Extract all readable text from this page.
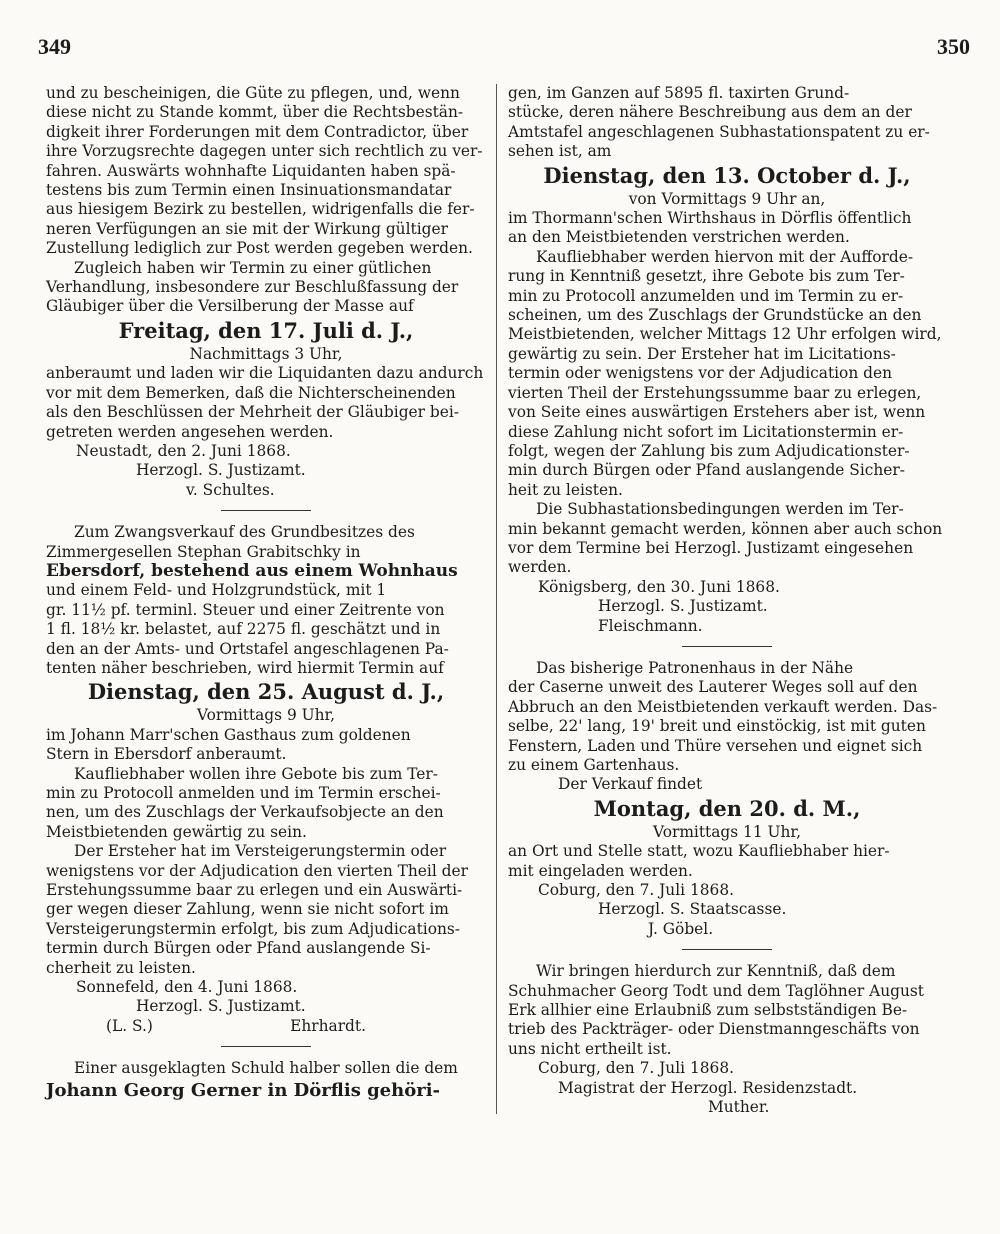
349	350

und zu bescheinigen, die Güte zu pflegen, und, wenn

diese nicht zu Stande kommt, über die Rechtsbestän-

digkeit ihrer Forderungen mit dem Contradictor, über

ihre Vorzugsrechte dagegen unter sich rechtlich zu ver-

fahren. Auswärts wohnhafte Liquidanten haben spä-

testens bis zum Termin einen Insinuationsmandatar

aus hiesigem Bezirk zu bestellen, widrigenfalls die fer-

neren Verfügungen an sie mit der Wirkung gültiger

Zustellung lediglich zur Post werden gegeben werden.

Zugleich haben wir Termin zu einer gütlichen

Verhandlung, insbesondere zur Beschlußfassung der

Gläubiger über die Versilberung der Masse auf

Freitag, den 17. Juli d. J.,

Nachmittags 3 Uhr,

anberaumt und laden wir die Liquidanten dazu andurch

vor mit dem Bemerken, daß die Nichterscheinenden

als den Beschlüssen der Mehrheit der Gläubiger bei-

getreten werden angesehen werden.

Neustadt, den 2. Juni 1868.

Herzogl. S. Justizamt.

v. Schultes.

Zum Zwangsverkauf des Grundbesitzes des

Zimmergesellen Stephan Grabitschky in

Ebersdorf, bestehend aus einem Wohnhaus

und einem Feld- und Holzgrundstück, mit 1

gr. 11½ pf. terminl. Steuer und einer Zeitrente von

1 fl. 18½ kr. belastet, auf 2275 fl. geschätzt und in

den an der Amts- und Ortstafel angeschlagenen Pa-

tenten näher beschrieben, wird hiermit Termin auf

Dienstag, den 25. August d. J.,

Vormittags 9 Uhr,

im Johann Marr'schen Gasthaus zum goldenen

Stern in Ebersdorf anberaumt.

Kaufliebhaber wollen ihre Gebote bis zum Ter-

min zu Protocoll anmelden und im Termin erschei-

nen, um des Zuschlags der Verkaufsobjecte an den

Meistbietenden gewärtig zu sein.

Der Ersteher hat im Versteigerungstermin oder

wenigstens vor der Adjudication den vierten Theil der

Erstehungssumme baar zu erlegen und ein Auswärti-

ger wegen dieser Zahlung, wenn sie nicht sofort im

Versteigerungstermin erfolgt, bis zum Adjudications-

termin durch Bürgen oder Pfand auslangende Si-

cherheit zu leisten.

Sonnefeld, den 4. Juni 1868.

Herzogl. S. Justizamt.

(L. S.)	Ehrhardt.

Einer ausgeklagten Schuld halber sollen die dem

Johann Georg Gerner in Dörflis gehöri-

gen, im Ganzen auf 5895 fl. taxirten Grund-

stücke, deren nähere Beschreibung aus dem an der

Amtstafel angeschlagenen Subhastationspatent zu er-

sehen ist, am

Dienstag, den 13. October d. J.,

von Vormittags 9 Uhr an,

im Thormann'schen Wirthshaus in Dörflis öffentlich

an den Meistbietenden verstrichen werden.

Kaufliebhaber werden hiervon mit der Aufforde-

rung in Kenntniß gesetzt, ihre Gebote bis zum Ter-

min zu Protocoll anzumelden und im Termin zu er-

scheinen, um des Zuschlags der Grundstücke an den

Meistbietenden, welcher Mittags 12 Uhr erfolgen wird,

gewärtig zu sein. Der Ersteher hat im Licitations-

termin oder wenigstens vor der Adjudication den

vierten Theil der Erstehungssumme baar zu erlegen,

von Seite eines auswärtigen Erstehers aber ist, wenn

diese Zahlung nicht sofort im Licitationstermin er-

folgt, wegen der Zahlung bis zum Adjudicationster-

min durch Bürgen oder Pfand auslangende Sicher-

heit zu leisten.

Die Subhastationsbedingungen werden im Ter-

min bekannt gemacht werden, können aber auch schon

vor dem Termine bei Herzogl. Justizamt eingesehen

werden.

Königsberg, den 30. Juni 1868.

Herzogl. S. Justizamt.

Fleischmann.

Das bisherige Patronenhaus in der Nähe

der Caserne unweit des Lauterer Weges soll auf den

Abbruch an den Meistbietenden verkauft werden. Das-

selbe, 22' lang, 19' breit und einstöckig, ist mit guten

Fenstern, Laden und Thüre versehen und eignet sich

zu einem Gartenhaus.

Der Verkauf findet

Montag, den 20. d. M.,

Vormittags 11 Uhr,

an Ort und Stelle statt, wozu Kaufliebhaber hier-

mit eingeladen werden.

Coburg, den 7. Juli 1868.

Herzogl. S. Staatscasse.

J. Göbel.

Wir bringen hierdurch zur Kenntniß, daß dem

Schuhmacher Georg Todt und dem Taglöhner August

Erk allhier eine Erlaubniß zum selbstständigen Be-

trieb des Packträger- oder Dienstmanngeschäfts von

uns nicht ertheilt ist.

Coburg, den 7. Juli 1868.

Magistrat der Herzogl. Residenzstadt.

Muther.
